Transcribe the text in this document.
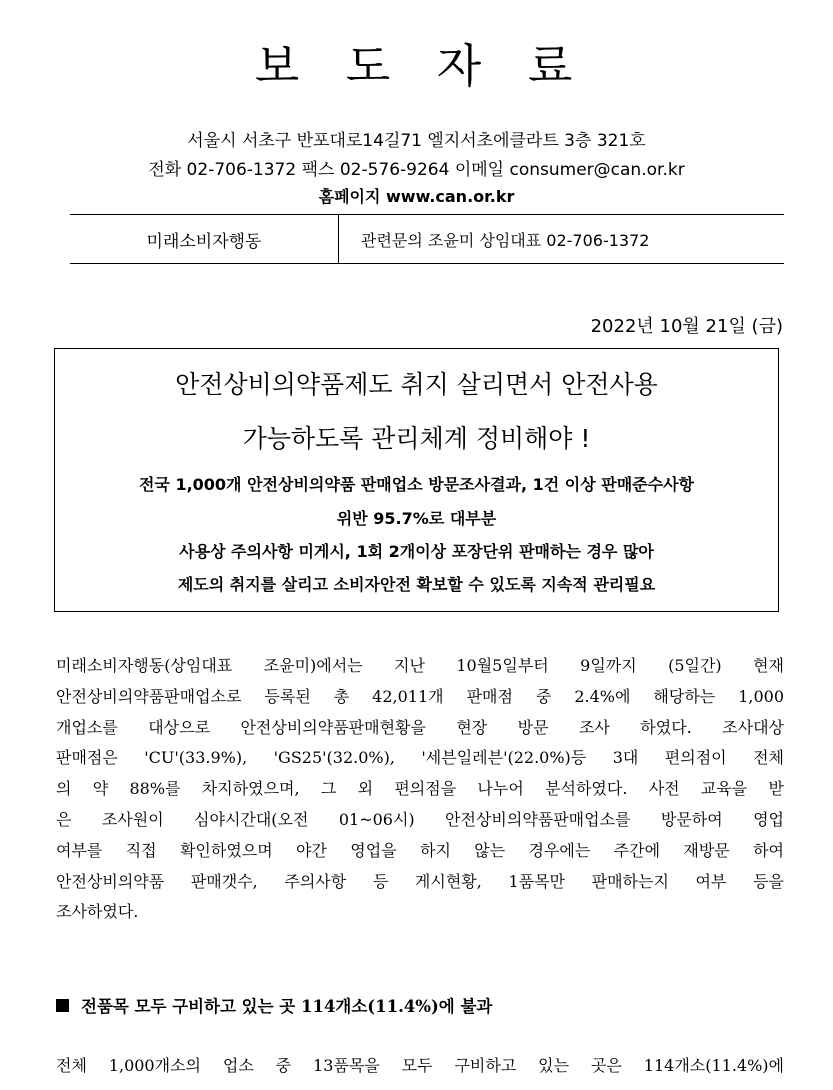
보 도 자 료
서울시 서초구 반포대로14길71 엘지서초에클라트 3층 321호
전화 02-706-1372 팩스 02-576-9264 이메일 consumer@can.or.kr
홈페이지 www.can.or.kr
미래소비자행동	관련문의 조윤미 상임대표 02-706-1372
2022년 10월 21일 (금)
안전상비의약품제도 취지 살리면서 안전사용
가능하도록 관리체계 정비해야 !
전국 1,000개 안전상비의약품 판매업소 방문조사결과, 1건 이상 판매준수사항
위반 95.7%로 대부분
사용상 주의사항 미게시, 1회 2개이상 포장단위 판매하는 경우 많아
제도의 취지를 살리고 소비자안전 확보할 수 있도록 지속적 관리필요

미래소비자행동(상임대표 조윤미)에서는 지난 10월5일부터 9일까지 (5일간) 현재

안전상비의약품판매업소로 등록된 총 42,011개 판매점 중 2.4%에 해당하는 1,000

개업소를 대상으로 안전상비의약품판매현황을 현장 방문 조사 하였다. 조사대상

판매점은 'CU'(33.9%), 'GS25'(32.0%), '세븐일레븐'(22.0%)등 3대 편의점이 전체

의 약 88%를 차지하였으며, 그 외 편의점을 나누어 분석하였다. 사전 교육을 받

은 조사원이 심야시간대(오전 01~06시) 안전상비의약품판매업소를 방문하여 영업

여부를 직접 확인하였으며 야간 영업을 하지 않는 경우에는 주간에 재방문 하여

안전상비의약품 판매갯수, 주의사항 등 게시현황, 1품목만 판매하는지 여부 등을

조사하였다.

전품목 모두 구비하고 있는 곳 114개소(11.4%)에 불과
전체 1,000개소의 업소 중 13품목을 모두 구비하고 있는 곳은 114개소(11.4%)에
